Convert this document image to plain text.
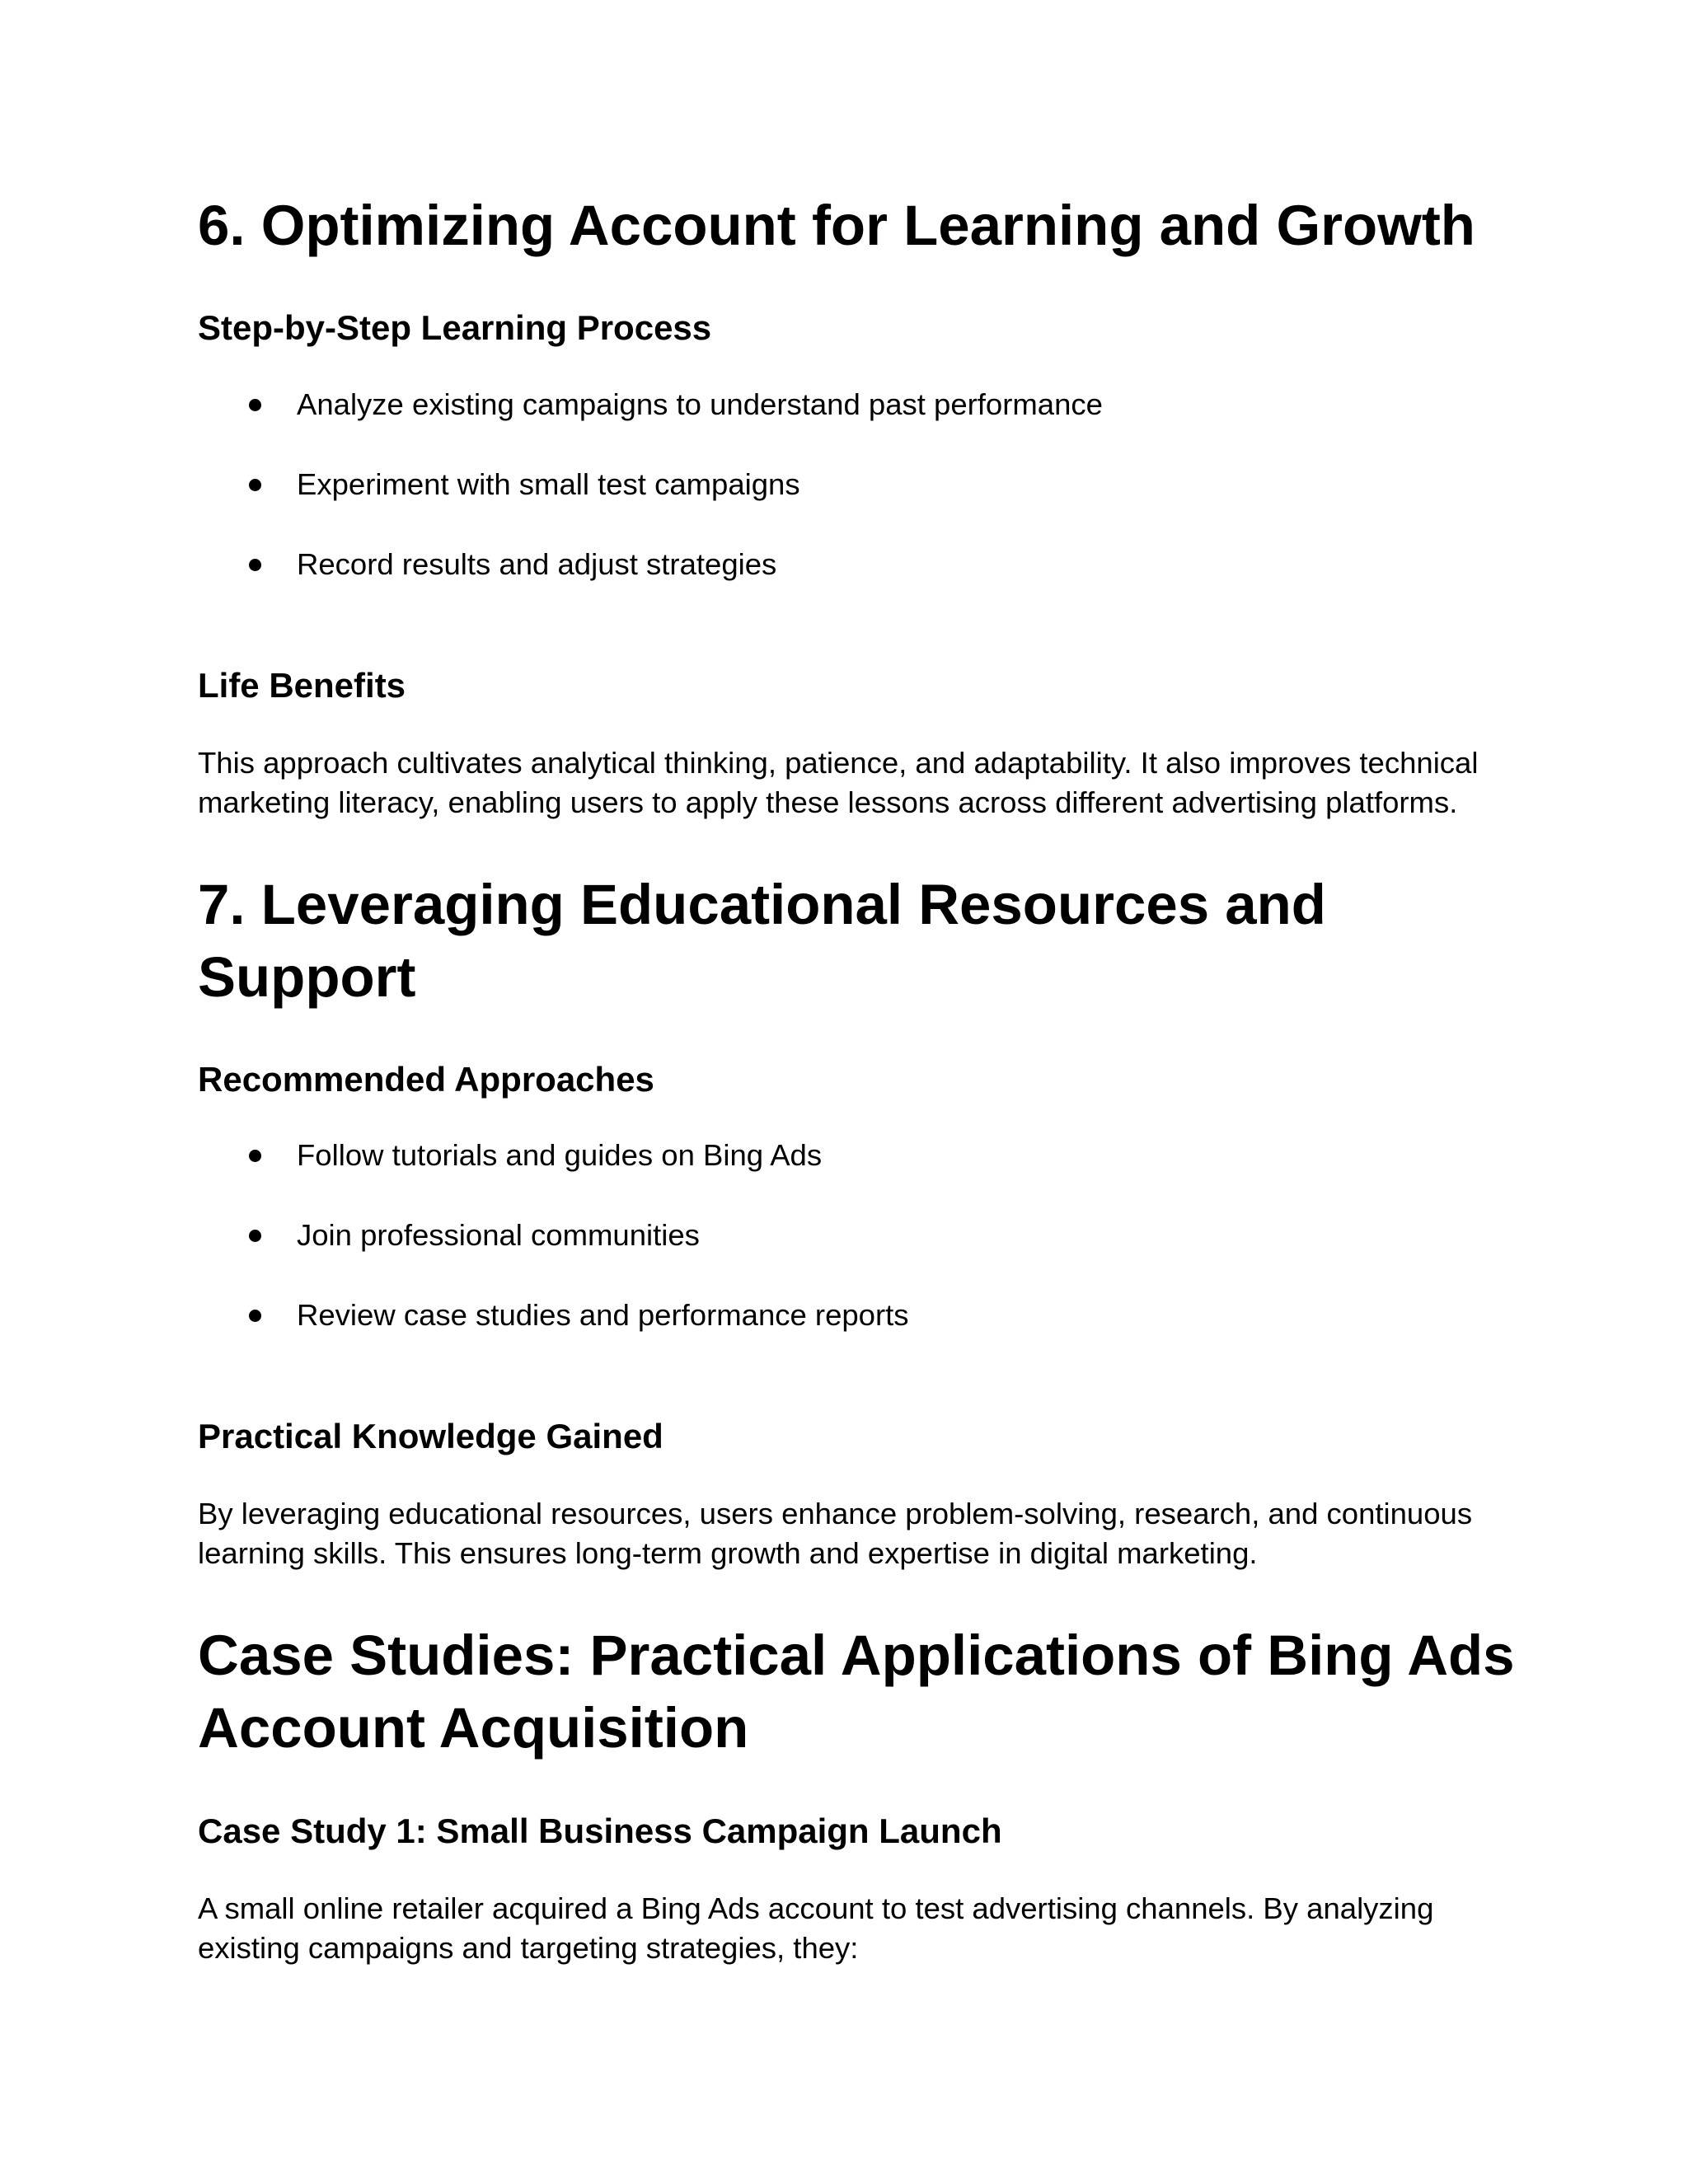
6. Optimizing Account for Learning and Growth
Step-by-Step Learning Process
Analyze existing campaigns to understand past performance
Experiment with small test campaigns
Record results and adjust strategies
Life Benefits

This approach cultivates analytical thinking, patience, and adaptability. It also improves technical marketing literacy, enabling users to apply these lessons across different advertising platforms.

7. Leveraging Educational Resources and Support
Recommended Approaches
Follow tutorials and guides on Bing Ads
Join professional communities
Review case studies and performance reports
Practical Knowledge Gained

By leveraging educational resources, users enhance problem-solving, research, and continuous learning skills. This ensures long-term growth and expertise in digital marketing.

Case Studies: Practical Applications of Bing Ads Account Acquisition
Case Study 1: Small Business Campaign Launch

A small online retailer acquired a Bing Ads account to test advertising channels. By analyzing existing campaigns and targeting strategies, they:
